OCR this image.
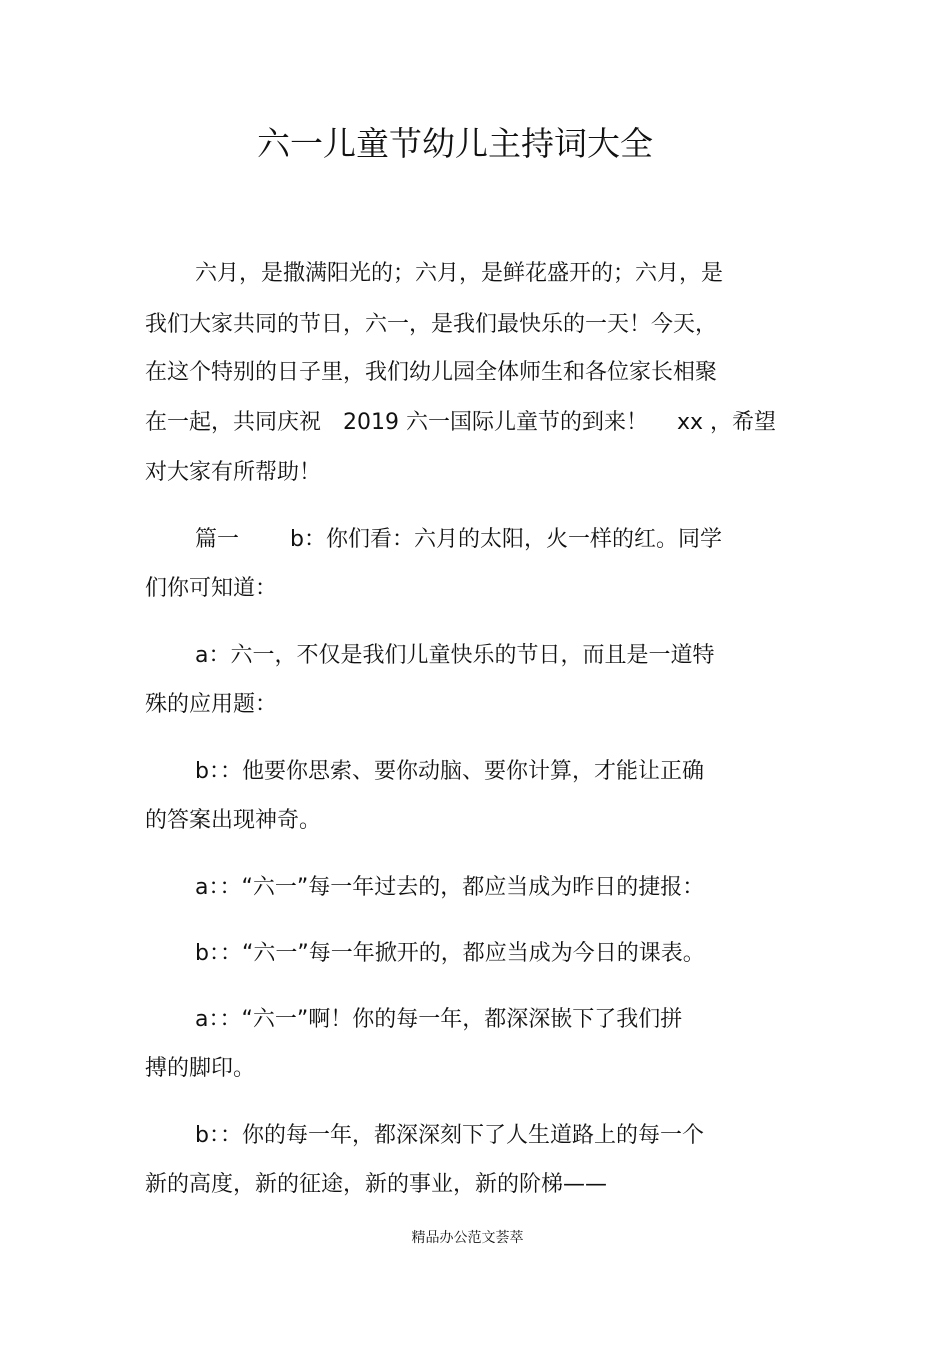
六一儿童节幼儿主持词大全
六月，是撒满阳光的；六月，是鲜花盛开的；六月，是
我们大家共同的节日，六一，是我们最快乐的一天！今天，
在这个特别的日子里，我们幼儿园全体师生和各位家长相聚
在一起，共同庆祝　2019 六一国际儿童节的到来！　 xx ，希望
对大家有所帮助！
篇一　　 b：你们看：六月的太阳，火一样的红。同学
们你可知道：
a：六一，不仅是我们儿童快乐的节日，而且是一道特
殊的应用题：
b：：他要你思索、要你动脑、要你计算，才能让正确
的答案出现神奇。
a：：“六一”每一年过去的，都应当成为昨日的捷报：
b：：“六一”每一年掀开的，都应当成为今日的课表。
a：：“六一”啊！你的每一年，都深深嵌下了我们拼
搏的脚印。
b：：你的每一年，都深深刻下了人生道路上的每一个
新的高度，新的征途，新的事业，新的阶梯——
精品办公范文荟萃
